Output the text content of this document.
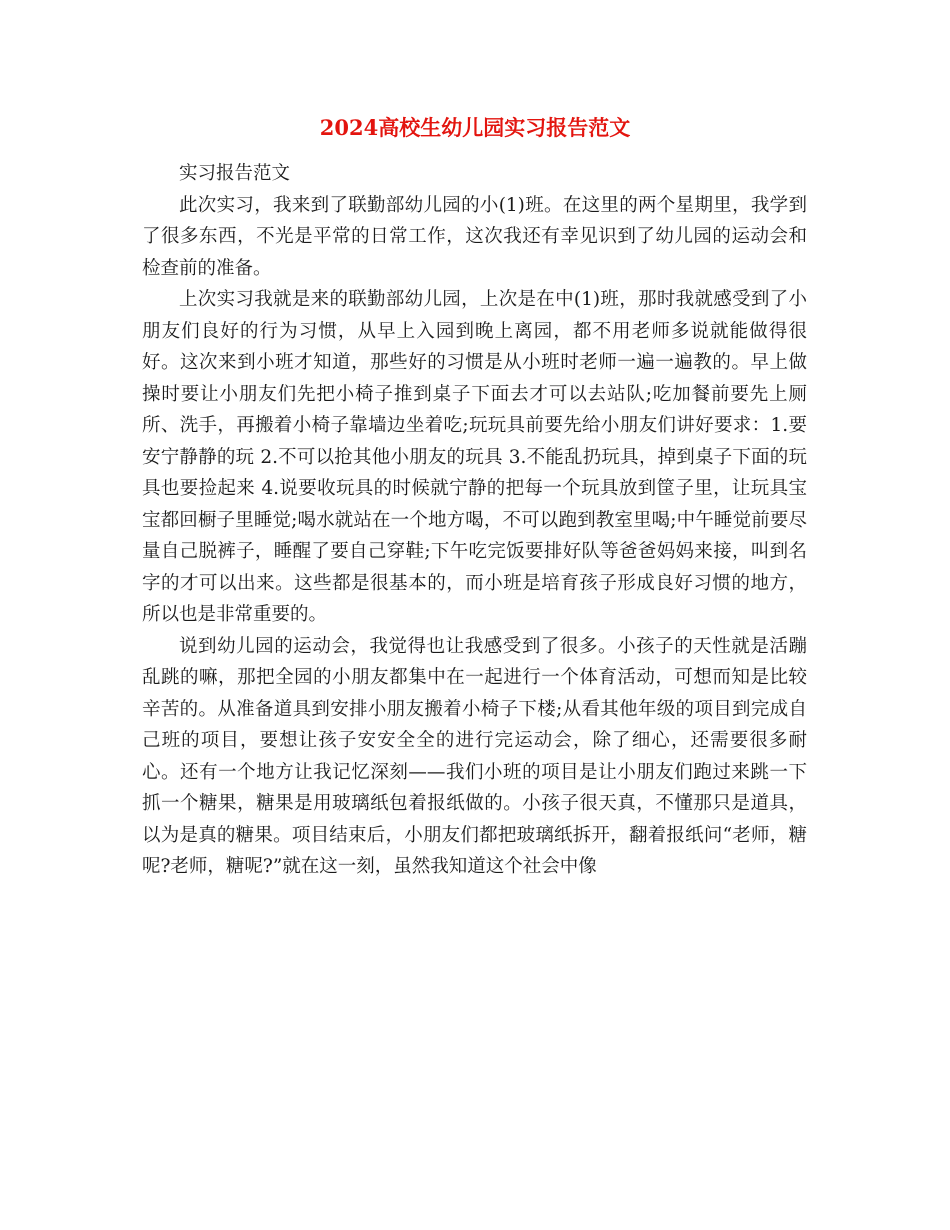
2024高校生幼儿园实习报告范文

实习报告范文

此次实习，我来到了联勤部幼儿园的小(1)班。在这里的两个星期里，我学到了很多东西，不光是平常的日常工作，这次我还有幸见识到了幼儿园的运动会和检查前的准备。

上次实习我就是来的联勤部幼儿园，上次是在中(1)班，那时我就感受到了小朋友们良好的行为习惯，从早上入园到晚上离园，都不用老师多说就能做得很好。这次来到小班才知道，那些好的习惯是从小班时老师一遍一遍教的。早上做操时要让小朋友们先把小椅子推到桌子下面去才可以去站队;吃加餐前要先上厕所、洗手，再搬着小椅子靠墙边坐着吃;玩玩具前要先给小朋友们讲好要求：1.要安宁静静的玩 2.不可以抢其他小朋友的玩具 3.不能乱扔玩具，掉到桌子下面的玩具也要捡起来 4.说要收玩具的时候就宁静的把每一个玩具放到筐子里，让玩具宝宝都回橱子里睡觉;喝水就站在一个地方喝，不可以跑到教室里喝;中午睡觉前要尽量自己脱裤子，睡醒了要自己穿鞋;下午吃完饭要排好队等爸爸妈妈来接，叫到名字的才可以出来。这些都是很基本的，而小班是培育孩子形成良好习惯的地方，所以也是非常重要的。

说到幼儿园的运动会，我觉得也让我感受到了很多。小孩子的天性就是活蹦乱跳的嘛，那把全园的小朋友都集中在一起进行一个体育活动，可想而知是比较辛苦的。从准备道具到安排小朋友搬着小椅子下楼;从看其他年级的项目到完成自己班的项目，要想让孩子安安全全的进行完运动会，除了细心，还需要很多耐心。还有一个地方让我记忆深刻——我们小班的项目是让小朋友们跑过来跳一下抓一个糖果，糖果是用玻璃纸包着报纸做的。小孩子很天真，不懂那只是道具，以为是真的糖果。项目结束后，小朋友们都把玻璃纸拆开，翻着报纸问“老师，糖呢?老师，糖呢?”就在这一刻，虽然我知道这个社会中像
